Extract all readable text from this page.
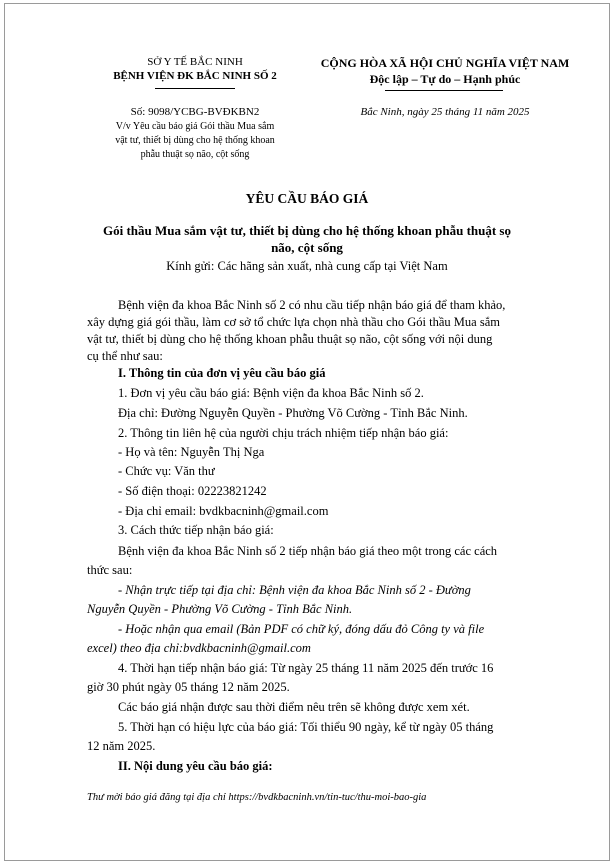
SỞ Y TẾ BẮC NINH
BỆNH VIỆN ĐK BẮC NINH SỐ 2
Số: 9098/YCBG-BVĐKBN2
V/v Yêu cầu báo giá Gói thầu Mua sắm
vật tư, thiết bị dùng cho hệ thống khoan
phẫu thuật sọ não, cột sống
CỘNG HÒA XÃ HỘI CHỦ NGHĨA VIỆT NAM
Độc lập – Tự do – Hạnh phúc
Bắc Ninh, ngày 25 tháng 11 năm 2025
YÊU CẦU BÁO GIÁ
Gói thầu Mua sắm vật tư, thiết bị dùng cho hệ thống khoan phẫu thuật sọ
não, cột sống
Kính gửi: Các hãng sản xuất, nhà cung cấp tại Việt Nam
Bệnh viện đa khoa Bắc Ninh số 2 có nhu cầu tiếp nhận báo giá để tham khảo,
xây dựng giá gói thầu, làm cơ sở tổ chức lựa chọn nhà thầu cho Gói thầu Mua sắm
vật tư, thiết bị dùng cho hệ thống khoan phẫu thuật sọ não, cột sống với nội dung
cụ thể như sau:
I. Thông tin của đơn vị yêu cầu báo giá
1. Đơn vị yêu cầu báo giá: Bệnh viện đa khoa Bắc Ninh số 2.
Địa chỉ: Đường Nguyễn Quyền - Phường Võ Cường - Tỉnh Bắc Ninh.
2. Thông tin liên hệ của người chịu trách nhiệm tiếp nhận báo giá:
- Họ và tên: Nguyễn Thị Nga
- Chức vụ: Văn thư
- Số điện thoại: 02223821242
- Địa chỉ email: bvdkbacninh@gmail.com
3. Cách thức tiếp nhận báo giá:
Bệnh viện đa khoa Bắc Ninh số 2 tiếp nhận báo giá theo một trong các cách
thức sau:
- Nhận trực tiếp tại địa chỉ: Bệnh viện đa khoa Bắc Ninh số 2 - Đường
Nguyễn Quyền - Phường Võ Cường - Tỉnh Bắc Ninh.
- Hoặc nhận qua email (Bản PDF có chữ ký, đóng dấu đỏ Công ty và file
excel) theo địa chỉ:bvdkbacninh@gmail.com
4. Thời hạn tiếp nhận báo giá: Từ ngày 25 tháng 11 năm 2025 đến trước 16
giờ 30 phút ngày 05 tháng 12 năm 2025.
Các báo giá nhận được sau thời điểm nêu trên sẽ không được xem xét.
5. Thời hạn có hiệu lực của báo giá: Tối thiểu 90 ngày, kể từ ngày 05 tháng
12 năm 2025.
II. Nội dung yêu cầu báo giá:
Thư mời báo giá đăng tại địa chỉ https://bvdkbacninh.vn/tin-tuc/thu-moi-bao-gia
